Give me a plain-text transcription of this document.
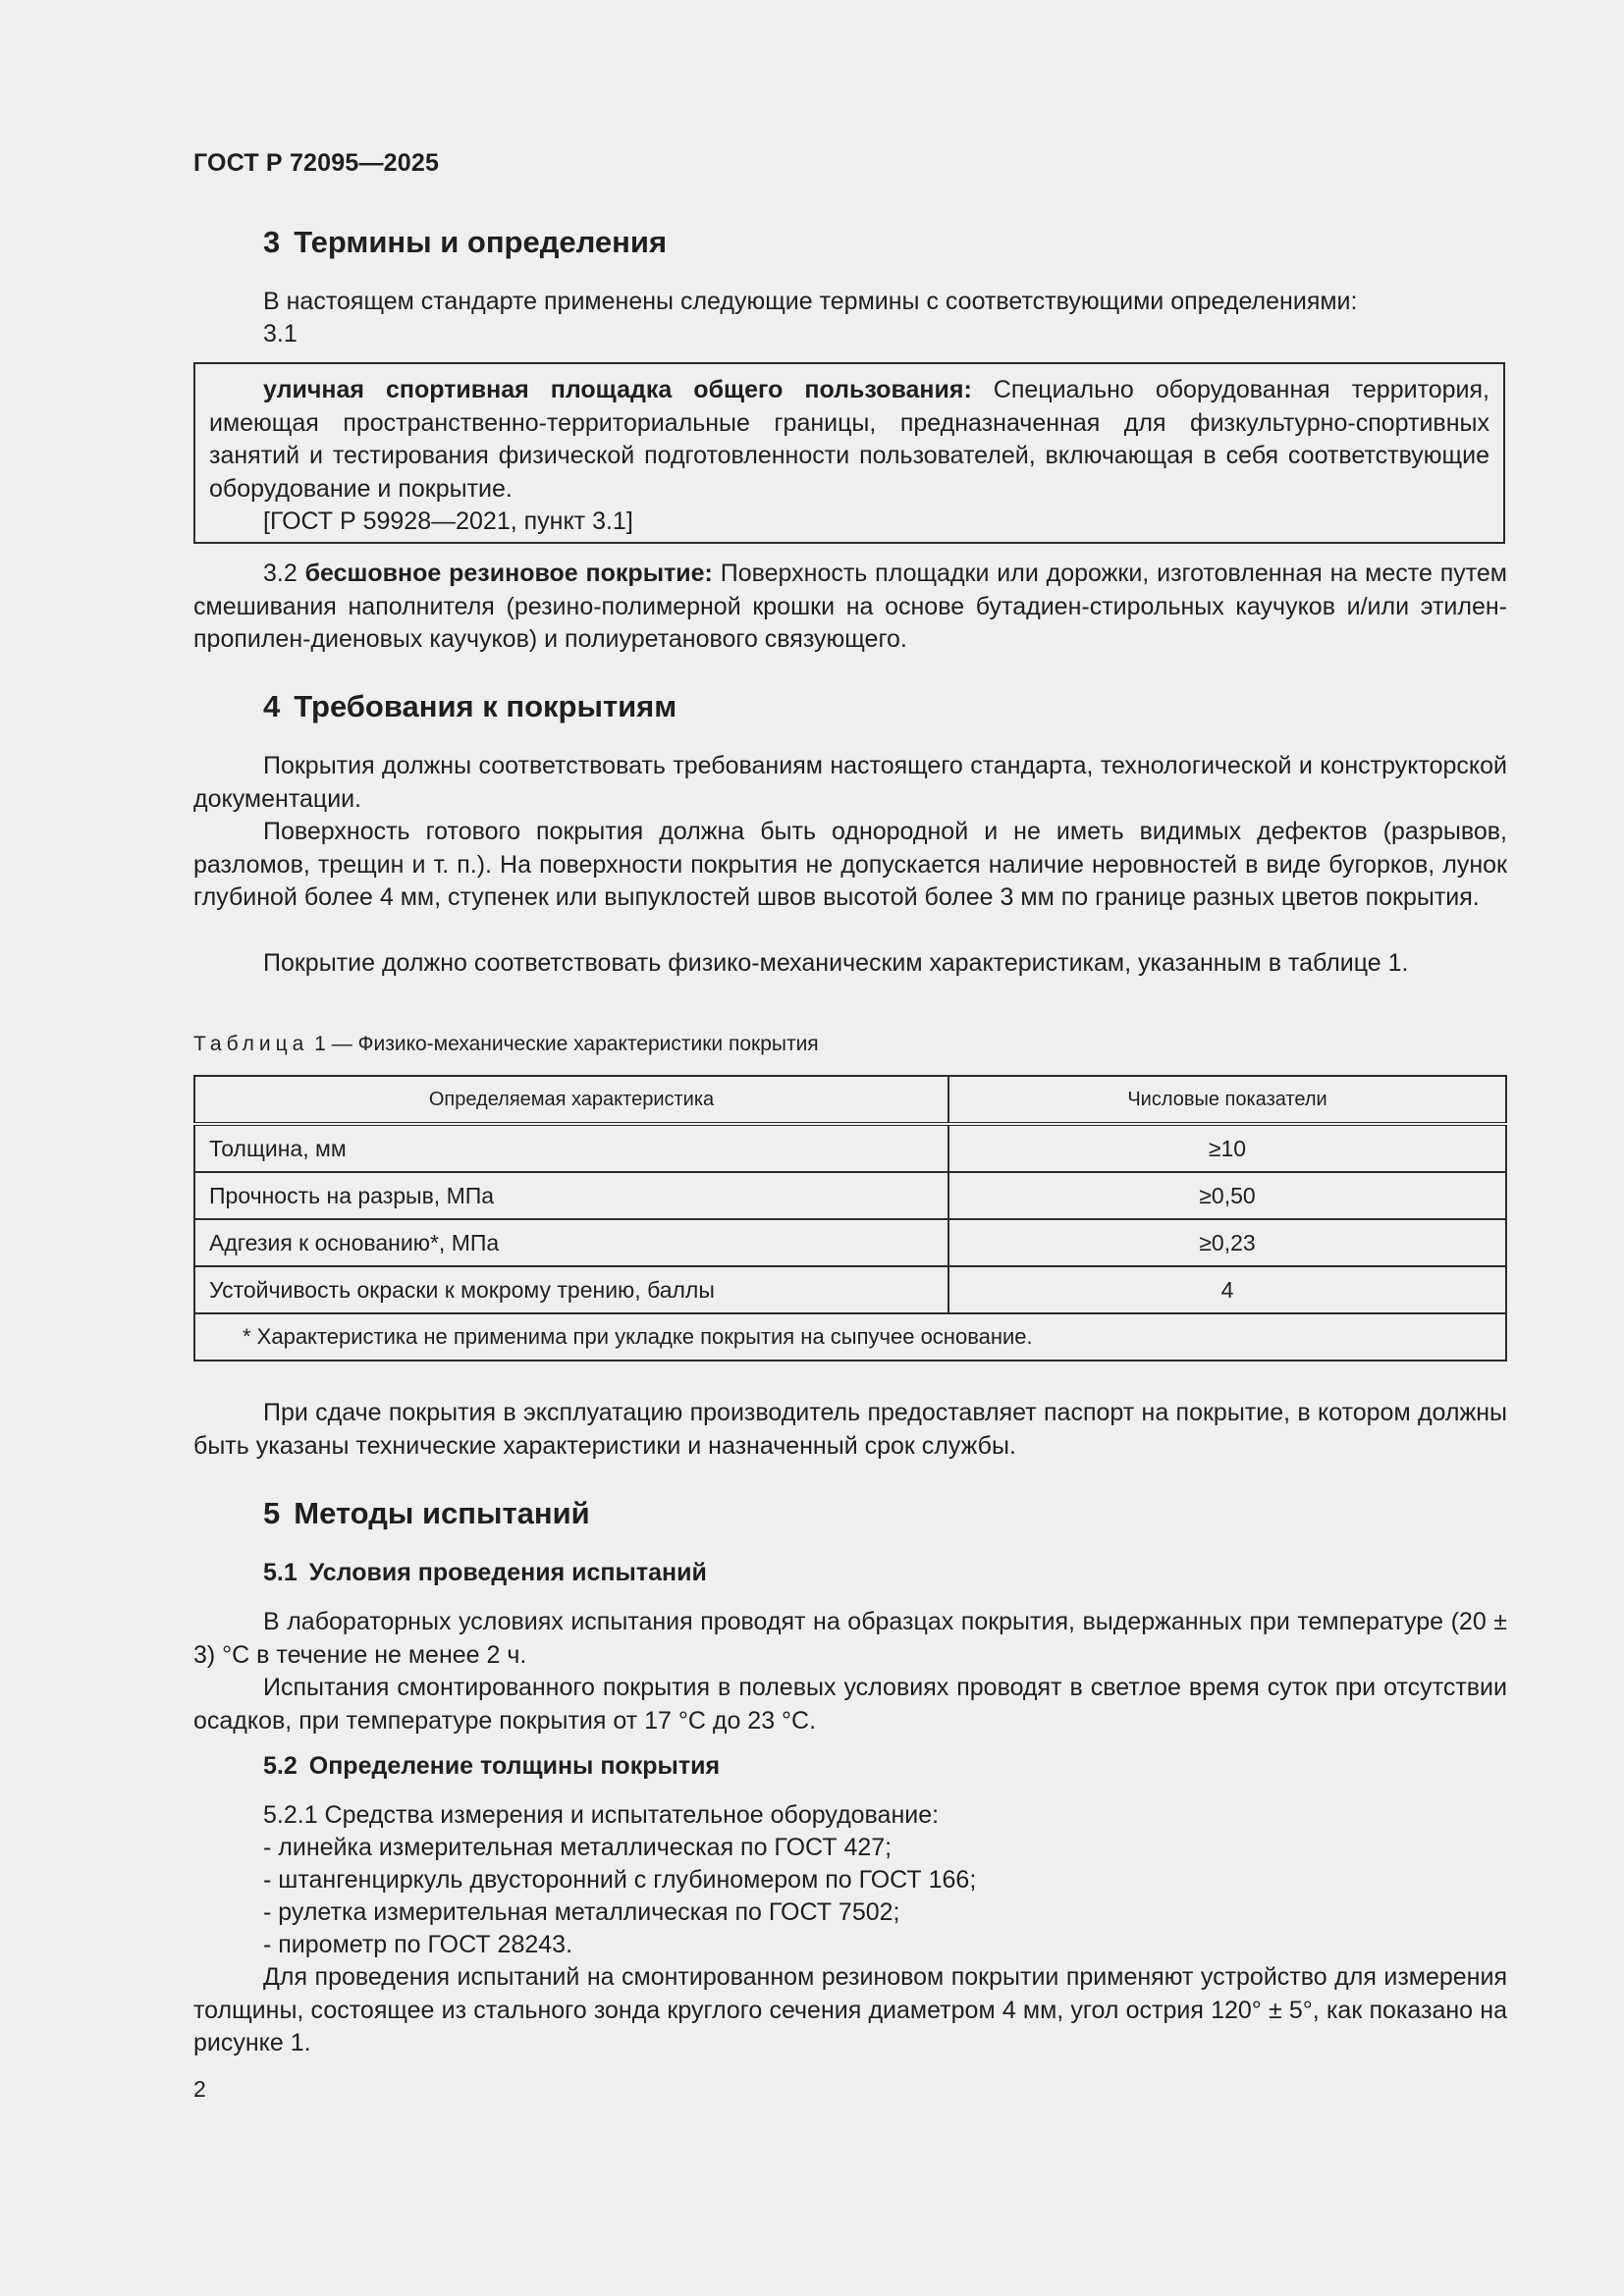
ГОСТ Р 72095—2025
3 Термины и определения
В настоящем стандарте применены следующие термины с соответствующими определениями:
3.1
уличная спортивная площадка общего пользования: Специально оборудованная территория, имеющая пространственно-территориальные границы, предназначенная для физкультурно-спортивных занятий и тестирования физической подготовленности пользователей, включающая в себя соответствующие оборудование и покрытие.
[ГОСТ Р 59928—2021, пункт 3.1]
3.2 бесшовное резиновое покрытие: Поверхность площадки или дорожки, изготовленная на месте путем смешивания наполнителя (резино-полимерной крошки на основе бутадиен-стирольных каучуков и/или этилен-пропилен-диеновых каучуков) и полиуретанового связующего.
4 Требования к покрытиям
Покрытия должны соответствовать требованиям настоящего стандарта, технологической и конструкторской документации.
Поверхность готового покрытия должна быть однородной и не иметь видимых дефектов (разрывов, разломов, трещин и т. п.). На поверхности покрытия не допускается наличие неровностей в виде бугорков, лунок глубиной более 4 мм, ступенек или выпуклостей швов высотой более 3 мм по границе разных цветов покрытия.
Покрытие должно соответствовать физико-механическим характеристикам, указанным в таблице 1.
Таблица 1 — Физико-механические характеристики покрытия
Определяемая характеристика	Числовые показатели
Толщина, мм	≥10
Прочность на разрыв, МПа	≥0,50
Адгезия к основанию*, МПа	≥0,23
Устойчивость окраски к мокрому трению, баллы	4
* Характеристика не применима при укладке покрытия на сыпучее основание.	
При сдаче покрытия в эксплуатацию производитель предоставляет паспорт на покрытие, в котором должны быть указаны технические характеристики и назначенный срок службы.
5 Методы испытаний
5.1 Условия проведения испытаний
В лабораторных условиях испытания проводят на образцах покрытия, выдержанных при температуре (20 ± 3) °С в течение не менее 2 ч.
Испытания смонтированного покрытия в полевых условиях проводят в светлое время суток при отсутствии осадков, при температуре покрытия от 17 °С до 23 °С.
5.2 Определение толщины покрытия
5.2.1 Средства измерения и испытательное оборудование:
- линейка измерительная металлическая по ГОСТ 427;
- штангенциркуль двусторонний с глубиномером по ГОСТ 166;
- рулетка измерительная металлическая по ГОСТ 7502;
- пирометр по ГОСТ 28243.
Для проведения испытаний на смонтированном резиновом покрытии применяют устройство для измерения толщины, состоящее из стального зонда круглого сечения диаметром 4 мм, угол острия 120° ± 5°, как показано на рисунке 1.
2
